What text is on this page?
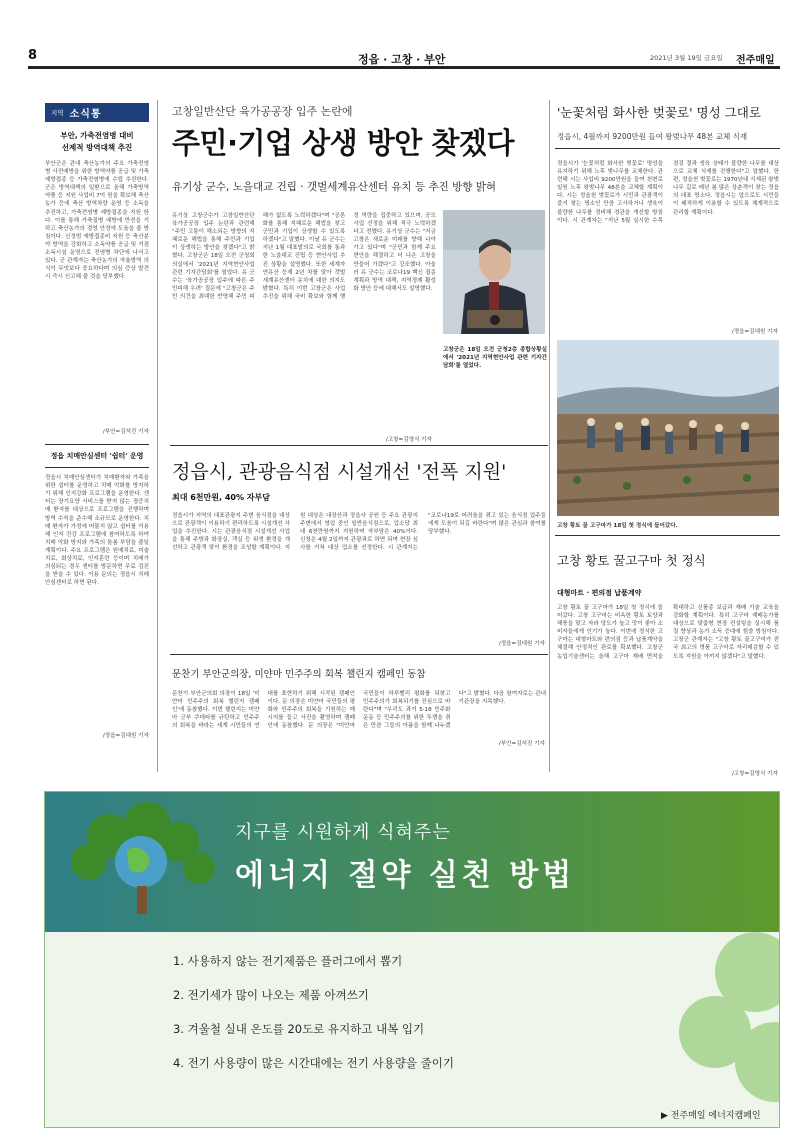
8	정읍 · 고창 · 부안	2021년 3월 19일 금요일 전주매일
지역 소식통
부안, 가축전염병 대비
선제적 방역대책 추진
부안군은 관내 축산농가의 주요 가축전염병 사전예방을 위한 방역약품 공급 및 가축 예방접종 등 가축전염병에 수립 추진한다. 군은 방역대책의 일환으로 올해 가축방역약품 등 지원 사업비 7억 원을 확보해 축산 농가 등에 축산 방역차량 운영 등 소독을 추진하고, 가축전염병 예방접종을 지원 한다. 이를 통해 가축질병 예방에 만전을 기하고 축산농가의 경영 안정에 도움을 줄 방침이다. 신정범 예방접종비 지원 등 축산분야 방역을 강화하고 소독약품 공급 및 거점소독시설 운영으로 전염병 차단에 나서고 있다. 군 관계자는 축산농가의 자율방역 의식이 무엇보다 중요하다며 의심 증상 발견 시 즉시 신고해 줄 것을 당부했다.
/부안=김석진 기자
정읍 치매안심센터 '쉼터' 운영
정읍시 치매안심센터가 치매환자와 가족을 위한 쉼터를 운영하고 치매 악화를 방지하기 위해 인지강화 프로그램을 운영한다. 센터는 장기요양 서비스를 받지 않는 경증치매 환자를 대상으로 프로그램을 진행하며 방역 수칙을 준수해 소규모로 운영한다. 치매 환자가 가정에 머물지 않고 쉼터를 이용해 인지 건강 프로그램에 참여하도록 하여 치매 악화 방지와 가족의 돌봄 부담을 줄일 계획이다. 주요 프로그램은 원예치료, 미술치료, 회상치료, 인지훈련 등이며 치매가 의심되는 경우 센터를 방문하면 무료 검진을 받을 수 있다. 이용 문의는 정읍시 치매안심센터로 하면 된다.
/정읍=김대원 기자
고창일반산단 육가공공장 입주 논란에
주민·기업 상생 방안 찾겠다
유기상 군수, 노을대교 건립 · 갯벌세계유산센터 유치 등 추진 방향 밝혀
유기상 고창군수가 고창일반산단 육가공공장 입주 논란과 관련해 "주민 고통이 해소되는 방향의 지혜로운 해법을 통해 주민과 기업이 상생하는 방안을 찾겠다"고 밝혔다. 고창군은 18일 오전 군청회의실에서 '2021년 지역현안사업 관련 기자간담회'를 열었다. 유 군수는 '육가공공장 입주에 따른 주민피해 우려' 질문에 "고창군은 주민 의견을 최대한 반영해 주민 피해가 없도록 노력하겠다"며 "공론화를 통해 지혜로운 해법을 찾고 군민과 기업이 상생할 수 있도록 하겠다"고 말했다. 이날 유 군수는 지난 1월 대표발의로 국회를 통과한 노을대교 건립 등 현안사업 추진 상황을 설명했다. 또한 세계자연유산 등재 2년 차를 맞아 갯벌세계유산센터 유치에 대한 의지도 밝혔다. 특히 이번 고창군은 사업추진을 위해 국비 확보와 함께 행정 역량을 집중하고 있으며, 공모사업 선정을 위해 적극 노력하겠다고 전했다. 유기상 군수는 "지금 고창은 새로운 미래를 향해 나아가고 있다"며 "군민과 함께 주요 현안을 해결하고 더 나은 고창을 만들어 가겠다"고 강조했다. 아울러 유 군수는 코로나19 백신 접종 계획과 방역 대책, 지역경제 활성화 방안 등에 대해서도 설명했다.
/고창=김영식 기자
고창군은 18일 오전 군청2층 종합상황실에서 '2021년 지역현안사업 관련 기자간담회'를 열었다.
정읍시, 관광음식점 시설개선 '전폭 지원'
최대 6천만원, 40% 자부담
정읍시가 지역의 대표관광지 주변 음식점을 대상으로 관광객이 이용하기 편리하도록 시설개선 사업을 추진한다. 시는 관광음식점 시설개선 사업을 통해 주방과 화장실, 객실 등 위생 환경을 개선하고 관광객 맞이 환경을 조성할 계획이다. 지원 대상은 내장산과 정읍사 공원 등 주요 관광지 주변에서 영업 중인 일반음식점으로, 업소당 최대 6천만원까지 지원하며 자부담은 40%이다. 신청은 4월 2일까지 관광과로 하면 되며 현장 심사를 거쳐 대상 업소를 선정한다. 시 관계자는 "코로나19로 어려움을 겪고 있는 음식점 업주들에게 도움이 되길 바란다"며 많은 관심과 참여를 당부했다.
/정읍=김대원 기자
문찬기 부안군의장, 미얀마 민주주의 회복 챌린지 캠페인 동참
문찬기 부안군의회 의장이 18일 '미얀마 민주주의 회복 챌린지 캠페인'에 동참했다. 이번 챌린지는 미얀마 군부 쿠데타를 규탄하고 민주주의 회복을 바라는 세계 시민들의 연대를 표현하기 위해 시작된 캠페인이다. 문 의장은 미얀마 국민들의 평화와 민주주의 회복을 기원하는 메시지를 들고 사진을 촬영하며 캠페인에 동참했다. 문 의장은 "미얀마 국민들이 하루빨리 평화를 되찾고 민주주의가 회복되기를 진심으로 바란다"며 "우리도 과거 5·18 민주화운동 등 민주주의를 위한 투쟁을 겪은 만큼 그들의 아픔을 함께 나누겠다"고 밝혔다. 다음 참여자로는 관내 기관장을 지목했다.
/부안=김석진 기자
'눈꽃처럼 화사한 벚꽃로' 명성 그대로
정읍시, 4월까지 9200만원 들여 왕벚나무 48본 교체 식재
정읍시가 '눈꽃처럼 화사한 벚꽃로' 명성을 유지하기 위해 노후 벚나무를 교체한다. 관련해 시는 사업비 9200만원을 들여 천변로 일원 노후 왕벚나무 48본을 교체할 계획이다. 시는 정읍천 벚꽃로가 시민과 관광객이 즐겨 찾는 명소인 만큼 고사하거나 생육이 불량한 나무를 정비해 경관을 개선할 방침이다. 시 관계자는 "지난 5월 실시한 수목 점검 결과 생육 상태가 불량한 나무를 대상으로 교체 식재를 진행한다"고 말했다. 한편, 정읍천 벚꽃로는 1970년대 식재된 왕벚나무 길로 매년 봄 많은 상춘객이 찾는 정읍의 대표 명소다. 정읍시는 앞으로도 시민들이 쾌적하게 이용할 수 있도록 체계적으로 관리할 계획이다.
/정읍=김대원 기자
고창 황토 꿀 고구마가 18일 첫 정식에 들어갔다.
고창 황토 꿀고구마 첫 정식
대형마트 · 편의점 납품계약
고창 황토 꿀 고구마가 18일 첫 정식에 들어갔다. 고창 고구마는 비옥한 황토 토양과 해풍을 맞고 자라 당도가 높고 맛이 좋아 소비자들에게 인기가 높다. 이번에 정식한 고구마는 대형마트와 편의점 등과 납품계약을 체결해 안정적인 판로를 확보했다. 고창군 농업기술센터는 올해 고구마 재배 면적을 확대하고 신품종 보급과 재배 기술 교육을 강화할 계획이다. 특히 고구마 재배농가를 대상으로 맞춤형 현장 컨설팅을 실시해 품질 향상과 농가 소득 증대에 힘쓸 방침이다. 고창군 관계자는 "고창 황토 꿀고구마가 전국 최고의 명품 고구마로 자리매김할 수 있도록 지원을 아끼지 않겠다"고 말했다.
/고창=김영식 기자
지구를 시원하게 식혀주는
에너지 절약 실천 방법
1. 사용하지 않는 전기제품은 플러그에서 뽑기
2. 전기세가 많이 나오는 제품 아껴쓰기
3. 겨울철 실내 온도를 20도로 유지하고 내복 입기
4. 전기 사용량이 많은 시간대에는 전기 사용량을 줄이기
▶ 전주매일 에너지캠페인
